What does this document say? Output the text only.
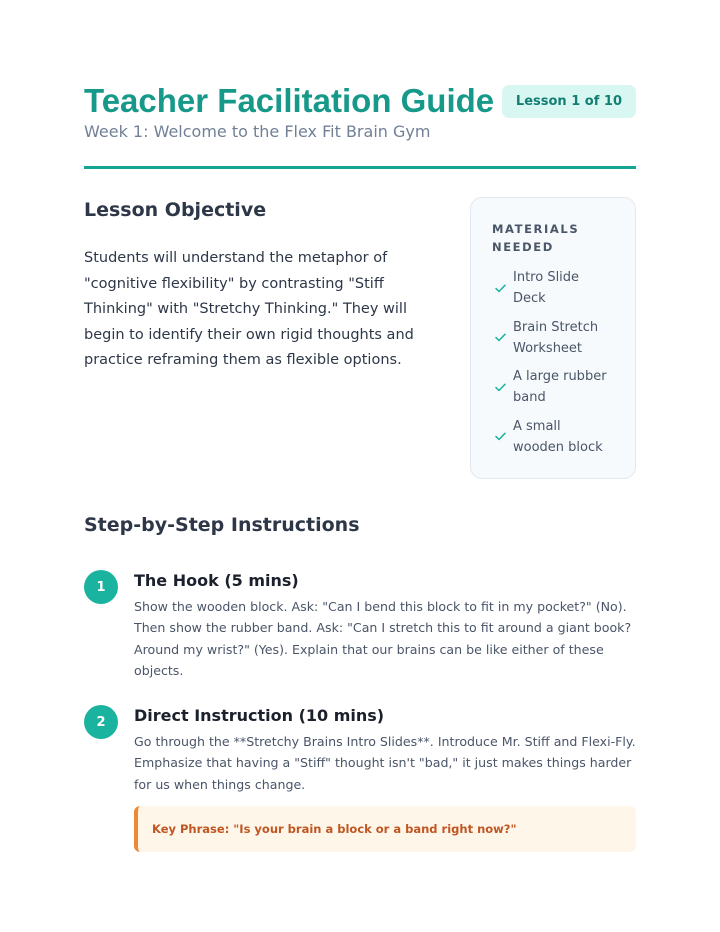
Teacher Facilitation Guide
Week 1: Welcome to the Flex Fit Brain Gym
Lesson 1 of 10
Lesson Objective
Students will understand the metaphor of "cognitive flexibility" by contrasting "Stiff Thinking" with "Stretchy Thinking." They will begin to identify their own rigid thoughts and practice reframing them as flexible options.
MATERIALS NEEDED
Intro Slide Deck
Brain Stretch Worksheet
A large rubber band
A small wooden block
Step-by-Step Instructions
1	The Hook (5 mins)
Show the wooden block. Ask: "Can I bend this block to fit in my pocket?" (No). Then show the rubber band. Ask: "Can I stretch this to fit around a giant book? Around my wrist?" (Yes). Explain that our brains can be like either of these objects.
2	Direct Instruction (10 mins)
Go through the **Stretchy Brains Intro Slides**. Introduce Mr. Stiff and Flexi-Fly. Emphasize that having a "Stiff" thought isn't "bad," it just makes things harder for us when things change.
Key Phrase: "Is your brain a block or a band right now?"
